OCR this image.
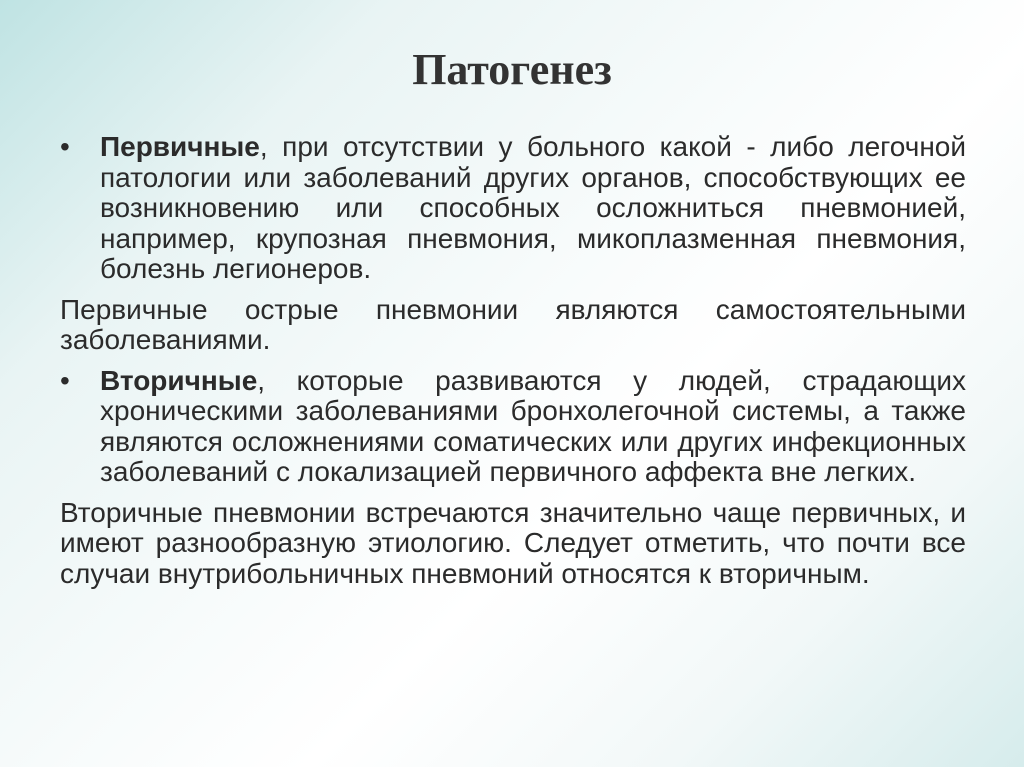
Патогенез
•	Первичные, при отсутствии у больного какой - либо легочной патологии или заболеваний других органов, способствующих ее возникновению или способных осложниться пневмонией, например, крупозная пневмония, микоплазменная пневмония, болезнь легионеров.
Первичные острые пневмонии являются самостоятельными заболеваниями.
•	Вторичные, которые развиваются у людей, страдающих хроническими заболеваниями бронхолегочной системы, а также являются осложнениями соматических или других инфекционных заболеваний с локализацией первичного аффекта вне легких.
Вторичные пневмонии встречаются значительно чаще первичных, и имеют разнообразную этиологию. Следует отметить, что почти все случаи внутрибольничных пневмоний относятся к вторичным.
